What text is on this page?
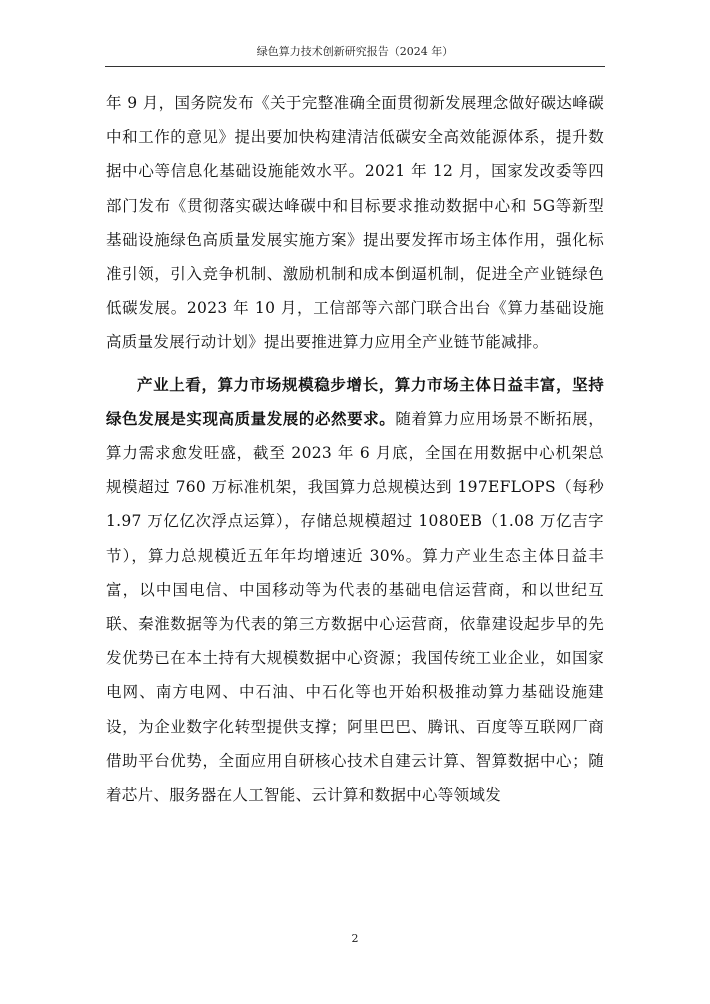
绿色算力技术创新研究报告（2024 年）

年 9 月，国务院发布《关于完整准确全面贯彻新发展理念做好碳达峰碳中和工作的意见》提出要加快构建清洁低碳安全高效能源体系，提升数据中心等信息化基础设施能效水平。2021 年 12 月，国家发改委等四部门发布《贯彻落实碳达峰碳中和目标要求推动数据中心和 5G等新型基础设施绿色高质量发展实施方案》提出要发挥市场主体作用，强化标准引领，引入竞争机制、激励机制和成本倒逼机制，促进全产业链绿色低碳发展。2023 年 10 月，工信部等六部门联合出台《算力基础设施高质量发展行动计划》提出要推进算力应用全产业链节能减排。

产业上看，算力市场规模稳步增长，算力市场主体日益丰富，坚持绿色发展是实现高质量发展的必然要求。随着算力应用场景不断拓展，算力需求愈发旺盛，截至 2023 年 6 月底，全国在用数据中心机架总规模超过 760 万标准机架，我国算力总规模达到 197EFLOPS（每秒 1.97 万亿亿次浮点运算），存储总规模超过 1080EB（1.08 万亿吉字节），算力总规模近五年年均增速近 30%。算力产业生态主体日益丰富，以中国电信、中国移动等为代表的基础电信运营商，和以世纪互联、秦淮数据等为代表的第三方数据中心运营商，依靠建设起步早的先发优势已在本土持有大规模数据中心资源；我国传统工业企业，如国家电网、南方电网、中石油、中石化等也开始积极推动算力基础设施建设，为企业数字化转型提供支撑；阿里巴巴、腾讯、百度等互联网厂商借助平台优势，全面应用自研核心技术自建云计算、智算数据中心；随着芯片、服务器在人工智能、云计算和数据中心等领域发

2
